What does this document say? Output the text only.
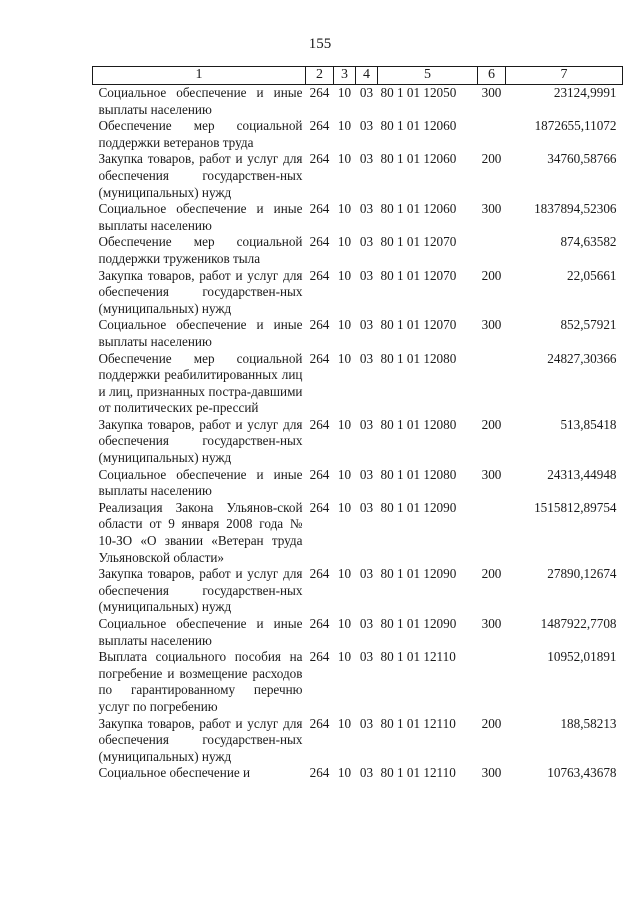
155
1	2	3	4	5	6	7
Социальное обеспечение и иные выплаты населению	264	10	03	80 1 01 12050	300	23124,9991
Обеспечение мер социальной поддержки ветеранов труда	264	10	03	80 1 01 12060		1872655,11072
Закупка товаров, работ и услуг для обеспечения государствен-ных (муниципальных) нужд	264	10	03	80 1 01 12060	200	34760,58766
Социальное обеспечение и иные выплаты населению	264	10	03	80 1 01 12060	300	1837894,52306
Обеспечение мер социальной поддержки тружеников тыла	264	10	03	80 1 01 12070		874,63582
Закупка товаров, работ и услуг для обеспечения государствен-ных (муниципальных) нужд	264	10	03	80 1 01 12070	200	22,05661
Социальное обеспечение и иные выплаты населению	264	10	03	80 1 01 12070	300	852,57921
Обеспечение мер социальной поддержки реабилитированных лиц и лиц, признанных постра-давшими от политических ре-прессий	264	10	03	80 1 01 12080		24827,30366
Закупка товаров, работ и услуг для обеспечения государствен-ных (муниципальных) нужд	264	10	03	80 1 01 12080	200	513,85418
Социальное обеспечение и иные выплаты населению	264	10	03	80 1 01 12080	300	24313,44948
Реализация Закона Ульянов-ской области от 9 января 2008 года № 10-ЗО «О звании «Ветеран труда Ульяновской области»	264	10	03	80 1 01 12090		1515812,89754
Закупка товаров, работ и услуг для обеспечения государствен-ных (муниципальных) нужд	264	10	03	80 1 01 12090	200	27890,12674
Социальное обеспечение и иные выплаты населению	264	10	03	80 1 01 12090	300	1487922,7708
Выплата социального пособия на погребение и возмещение расходов по гарантированному перечню услуг по погребению	264	10	03	80 1 01 12110		10952,01891
Закупка товаров, работ и услуг для обеспечения государствен-ных (муниципальных) нужд	264	10	03	80 1 01 12110	200	188,58213
Социальное обеспечение и	264	10	03	80 1 01 12110	300	10763,43678
